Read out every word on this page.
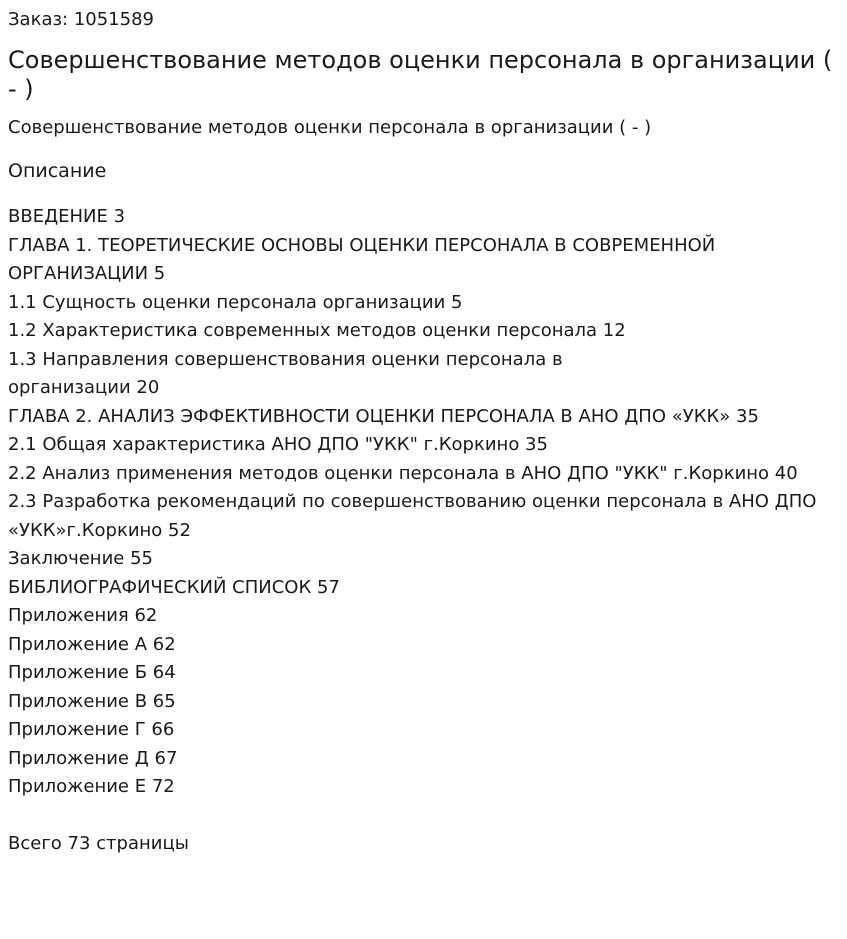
Заказ: 1051589
Совершенствование методов оценки персонала в организации ( - )
Совершенствование методов оценки персонала в организации ( - )
Описание
ВВЕДЕНИЕ 3
ГЛАВА 1. ТЕОРЕТИЧЕСКИЕ ОСНОВЫ ОЦЕНКИ ПЕРСОНАЛА В СОВРЕМЕННОЙ ОРГАНИЗАЦИИ 5
1.1 Сущность оценки персонала организации 5
1.2 Характеристика современных методов оценки персонала 12
1.3 Направления совершенствования оценки персонала в
организации 20
ГЛАВА 2. АНАЛИЗ ЭФФЕКТИВНОСТИ ОЦЕНКИ ПЕРСОНАЛА В АНО ДПО «УКК» 35
2.1 Общая характеристика АНО ДПО "УКК" г.Коркино 35
2.2 Анализ применения методов оценки персонала в АНО ДПО "УКК" г.Коркино 40
2.3 Разработка рекомендаций по совершенствованию оценки персонала в АНО ДПО «УКК»г.Коркино 52
Заключение 55
БИБЛИОГРАФИЧЕСКИЙ СПИСОК 57
Приложения 62
Приложение А 62
Приложение Б 64
Приложение В 65
Приложение Г 66
Приложение Д 67
Приложение Е 72
Всего 73 страницы
